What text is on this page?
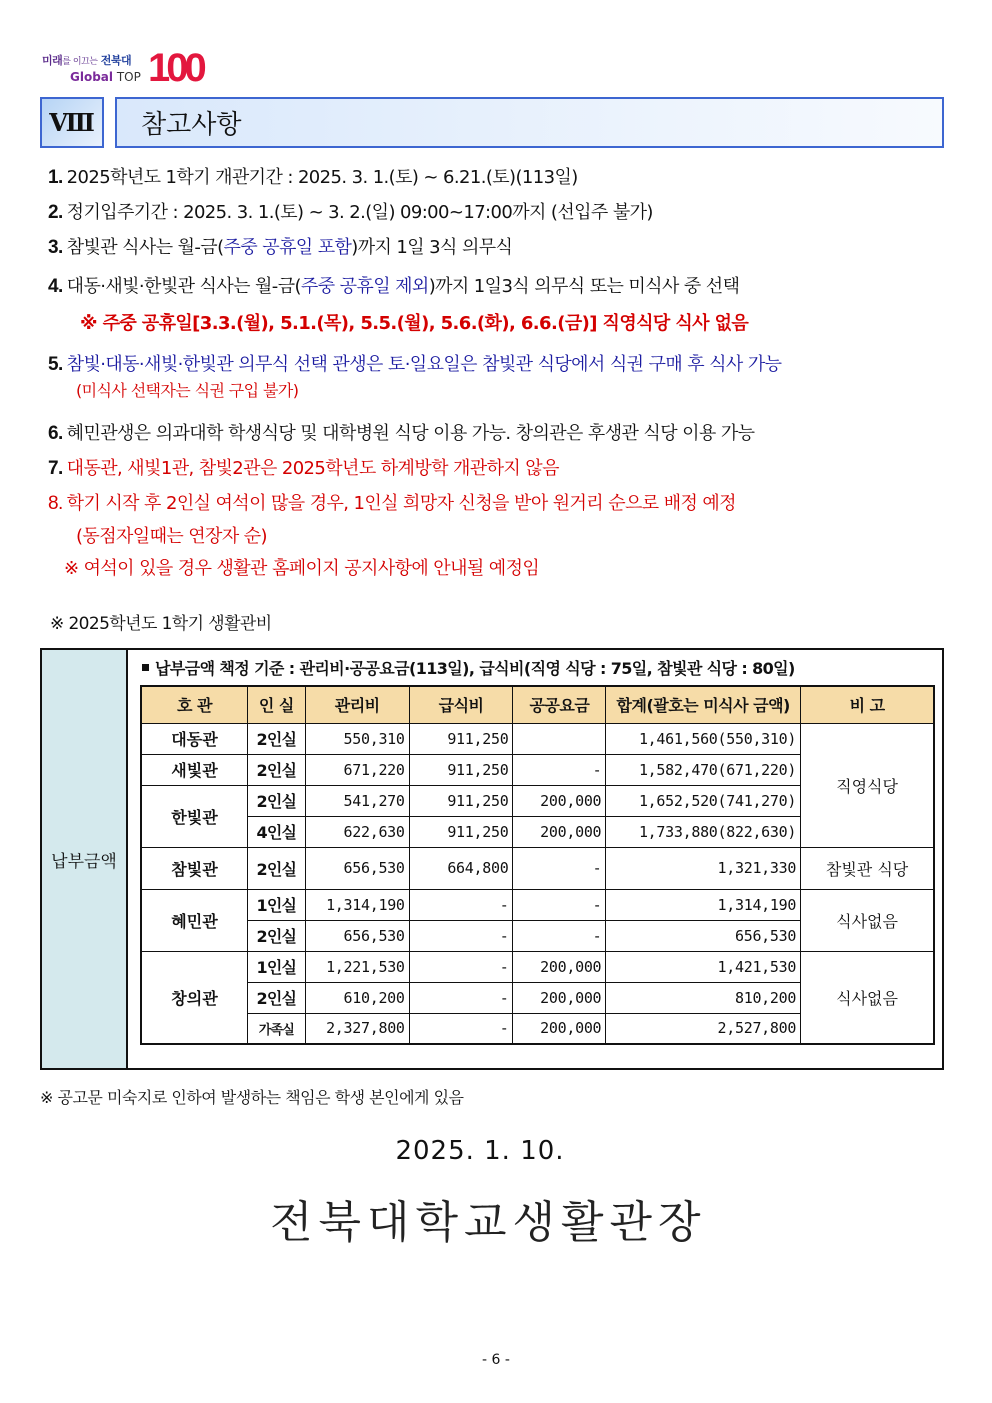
미래를 이끄는 전북대
Global TOP 100
Ⅷ	참고사항
1. 2025학년도 1학기 개관기간 : 2025. 3. 1.(토) ~ 6.21.(토)(113일)
2. 정기입주기간 : 2025. 3. 1.(토) ~ 3. 2.(일) 09:00~17:00까지 (선입주 불가)
3. 참빛관 식사는 월-금(주중 공휴일 포함)까지 1일 3식 의무식
4. 대동·새빛·한빛관 식사는 월-금(주중 공휴일 제외)까지 1일3식 의무식 또는 미식사 중 선택
※ 주중 공휴일[3.3.(월), 5.1.(목), 5.5.(월), 5.6.(화), 6.6.(금)] 직영식당 식사 없음
5. 참빛·대동·새빛·한빛관 의무식 선택 관생은 토·일요일은 참빛관 식당에서 식권 구매 후 식사 가능
(미식사 선택자는 식권 구입 불가)
6. 혜민관생은 의과대학 학생식당 및 대학병원 식당 이용 가능. 창의관은 후생관 식당 이용 가능
7. 대동관, 새빛1관, 참빛2관은 2025학년도 하계방학 개관하지 않음
8. 학기 시작 후 2인실 여석이 많을 경우, 1인실 희망자 신청을 받아 원거리 순으로 배정 예정
(동점자일때는 연장자 순)
※ 여석이 있을 경우 생활관 홈페이지 공지사항에 안내될 예정임
※ 2025학년도 1학기 생활관비
납부금액
납부금액 책정 기준 : 관리비·공공요금(113일), 급식비(직영 식당 : 75일, 참빛관 식당 : 80일)
호 관	인 실	관리비	급식비	공공요금	합계(괄호는 미식사 금액)	비 고
대동관	2인실	550,310	911,250		1,461,560(550,310)	직영식당
새빛관	2인실	671,220	911,250	-	1,582,470(671,220)	
한빛관	2인실	541,270	911,250	200,000	1,652,520(741,270)	
	4인실	622,630	911,250	200,000	1,733,880(822,630)	
참빛관	2인실	656,530	664,800	-	1,321,330	참빛관 식당
혜민관	1인실	1,314,190	-	-	1,314,190	식사없음
	2인실	656,530	-	-	656,530	
창의관	1인실	1,221,530	-	200,000	1,421,530	식사없음
	2인실	610,200	-	200,000	810,200	
	가족실	2,327,800	-	200,000	2,527,800	
※ 공고문 미숙지로 인하여 발생하는 책임은 학생 본인에게 있음
2025. 1. 10.
전북대학교생활관장
- 6 -
